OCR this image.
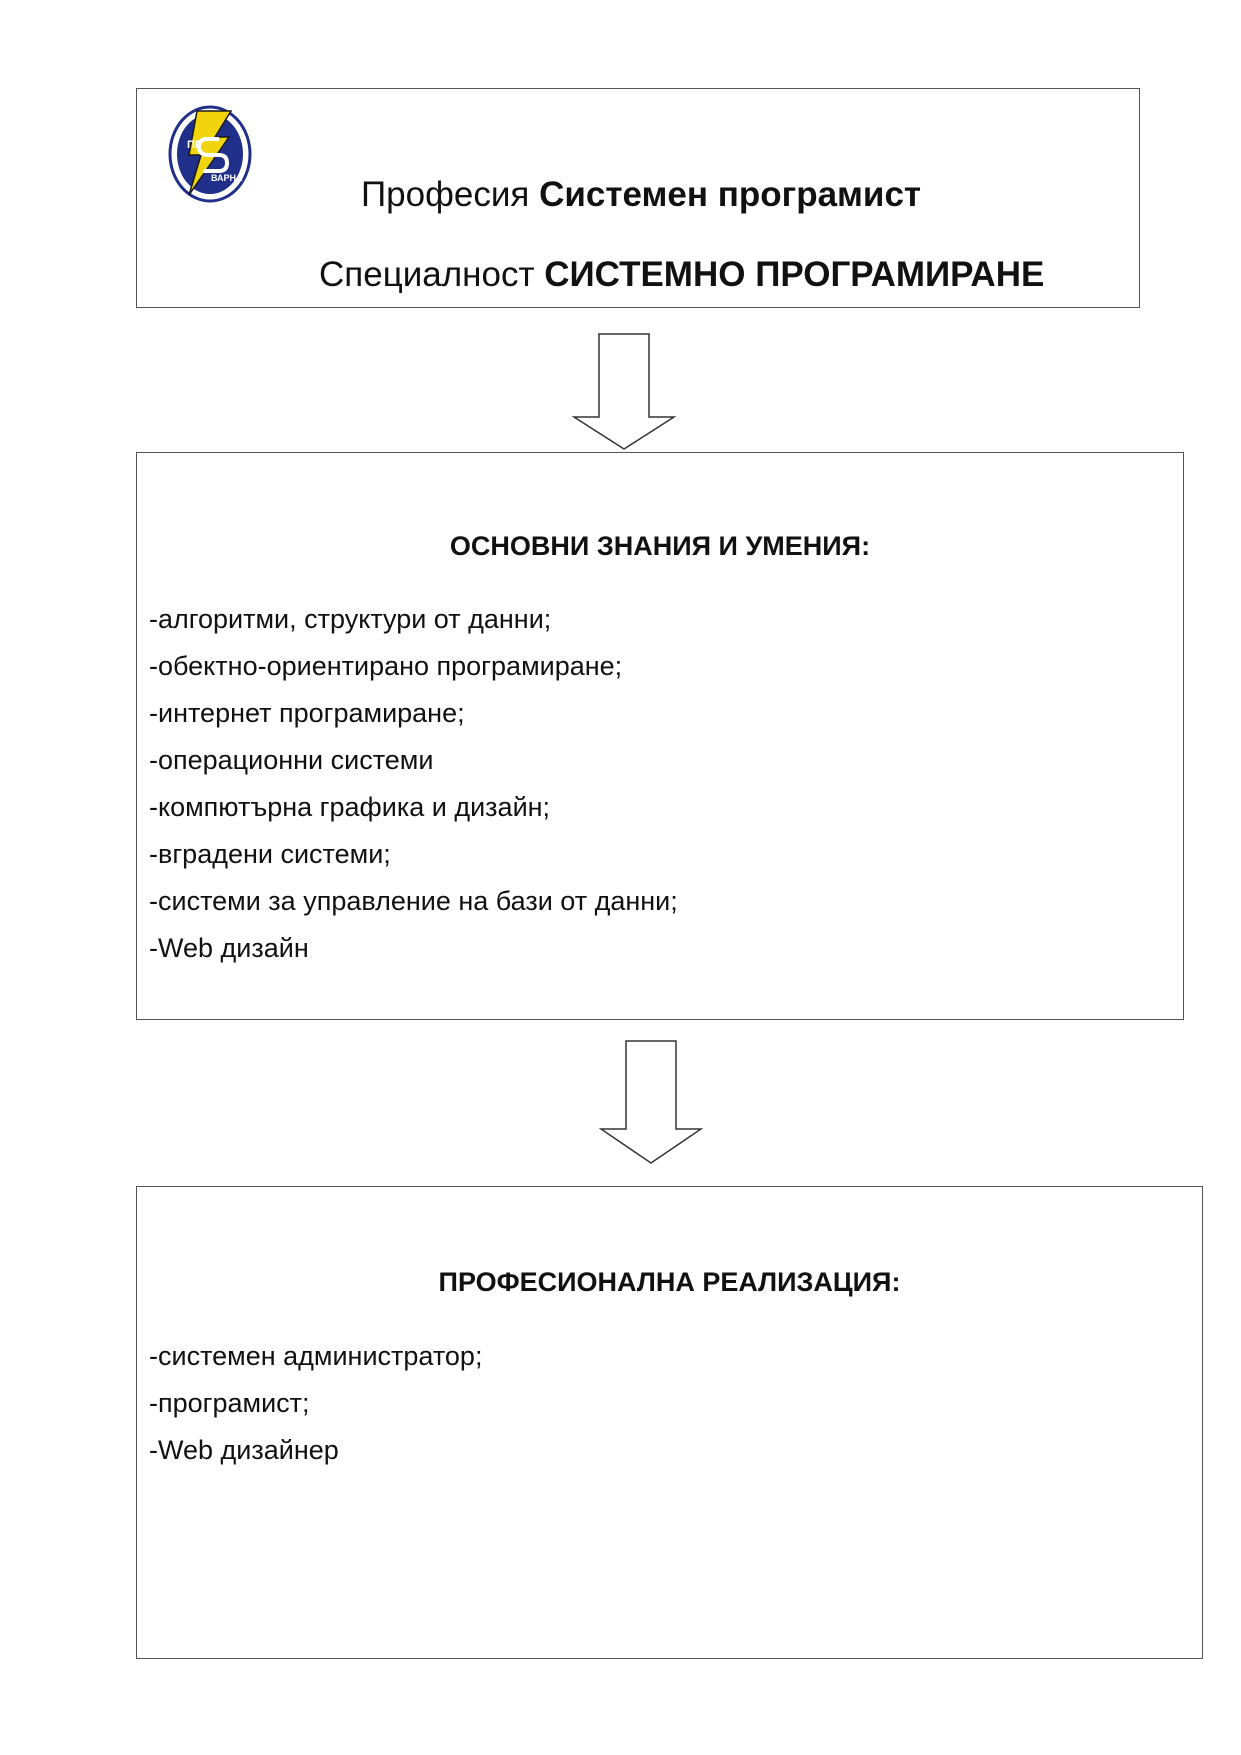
ПГ
ВАРНА	Професия Системен програмист
Специалност СИСТЕМНО ПРОГРАМИРАНЕ
ОСНОВНИ ЗНАНИЯ И УМЕНИЯ:
-алгоритми, структури от данни;
-обектно-ориентирано програмиране;
-интернет програмиране;
-операционни системи
-компютърна графика и дизайн;
-вградени системи;
-системи за управление на бази от данни;
-Web дизайн
ПРОФЕСИОНАЛНА РЕАЛИЗАЦИЯ:
-системен администратор;
-програмист;
-Web дизайнер
